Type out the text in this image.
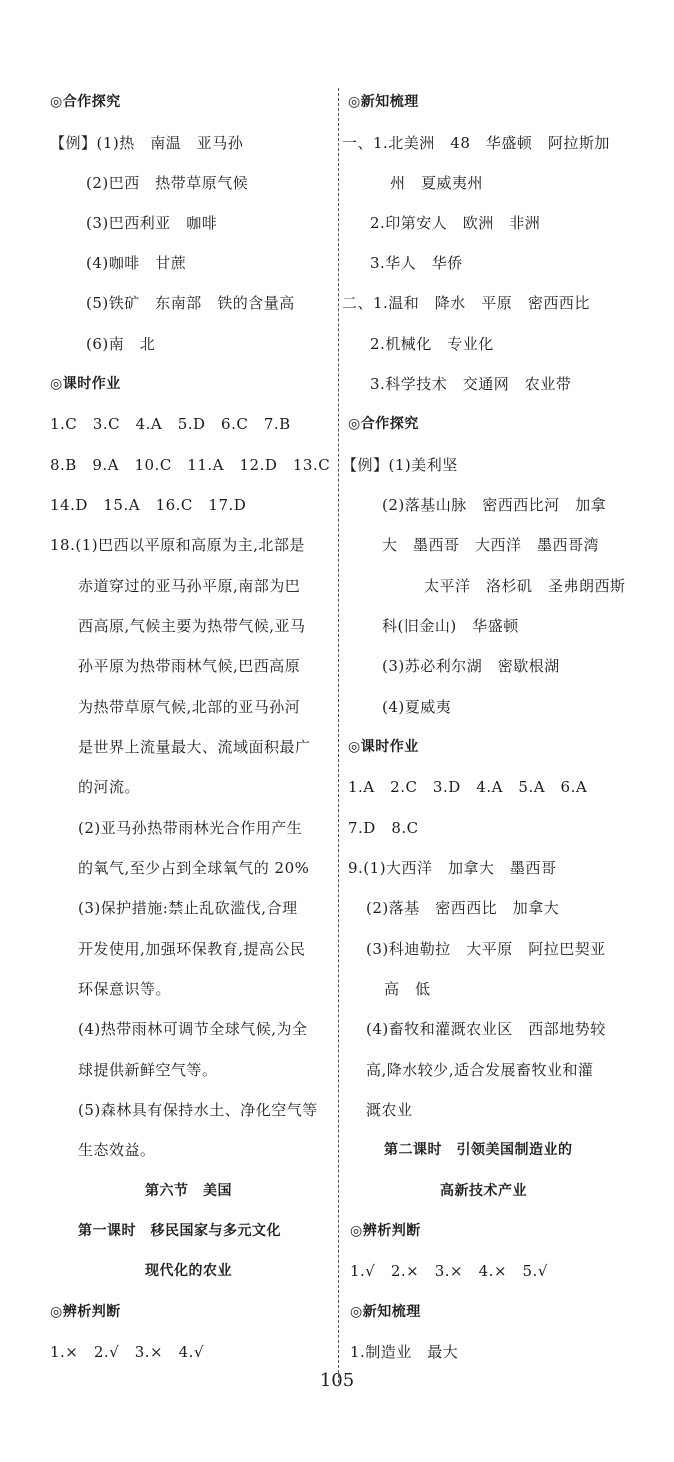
◎合作探究
【例】(1)热　南温　亚马孙
(2)巴西　热带草原气候
(3)巴西利亚　咖啡
(4)咖啡　甘蔗
(5)铁矿　东南部　铁的含量高
(6)南　北
◎课时作业
1.C　3.C　4.A　5.D　6.C　7.B
8.B　9.A　10.C　11.A　12.D　13.C
14.D　15.A　16.C　17.D
18.(1)巴西以平原和高原为主,北部是
赤道穿过的亚马孙平原,南部为巴
西高原,气候主要为热带气候,亚马
孙平原为热带雨林气候,巴西高原
为热带草原气候,北部的亚马孙河
是世界上流量最大、流域面积最广
的河流。
(2)亚马孙热带雨林光合作用产生
的氧气,至少占到全球氧气的 20%
(3)保护措施:禁止乱砍滥伐,合理
开发使用,加强环保教育,提高公民
环保意识等。
(4)热带雨林可调节全球气候,为全
球提供新鲜空气等。
(5)森林具有保持水土、净化空气等
生态效益。
第六节　美国
第一课时　移民国家与多元文化
现代化的农业
◎辨析判断
1.×　2.√　3.×　4.√
◎新知梳理
一、1.北美洲　48　华盛顿　阿拉斯加
州　夏威夷州
2.印第安人　欧洲　非洲
3.华人　华侨
二、1.温和　降水　平原　密西西比
2.机械化　专业化
3.科学技术　交通网　农业带
◎合作探究
【例】(1)美利坚
(2)落基山脉　密西西比河　加拿
大　墨西哥　大西洋　墨西哥湾
太平洋　洛杉矶　圣弗朗西斯
科(旧金山)　华盛顿
(3)苏必利尔湖　密歇根湖
(4)夏威夷
◎课时作业
1.A　2.C　3.D　4.A　5.A　6.A
7.D　8.C
9.(1)大西洋　加拿大　墨西哥
(2)落基　密西西比　加拿大
(3)科迪勒拉　大平原　阿拉巴契亚
高　低
(4)畜牧和灌溉农业区　西部地势较
高,降水较少,适合发展畜牧业和灌
溉农业
第二课时　引领美国制造业的
高新技术产业
◎辨析判断
1.√　2.×　3.×　4.×　5.√
◎新知梳理
1.制造业　最大
105
